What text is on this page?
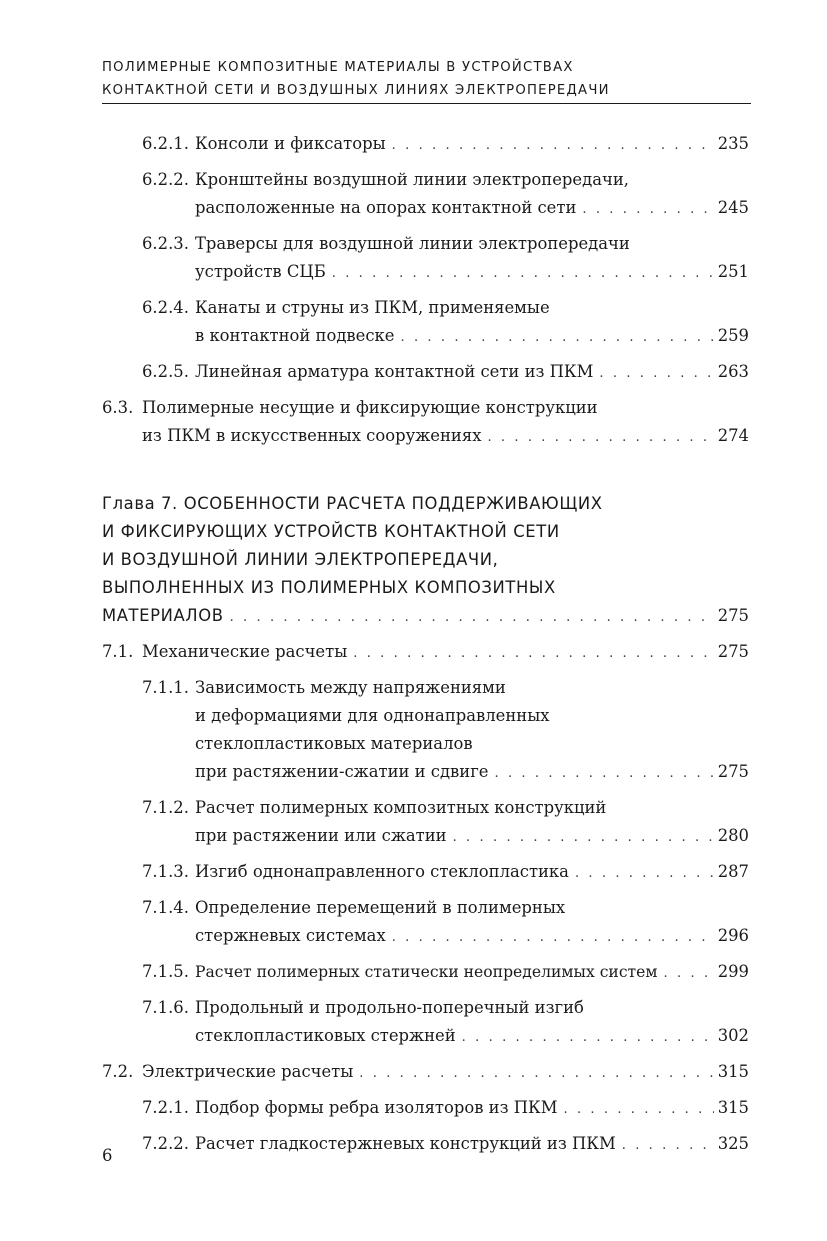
ПОЛИМЕРНЫЕ КОМПОЗИТНЫЕ МАТЕРИАЛЫ В УСТРОЙСТВАХ
КОНТАКТНОЙ СЕТИ И ВОЗДУШНЫХ ЛИНИЯХ ЭЛЕКТРОПЕРЕДАЧИ
6.2.1. Консоли и фиксаторы . . .	235
6.2.2. Кронштейны воздушной линии электропередачи,
расположенные на опорах контактной сети . . .	245
6.2.3. Траверсы для воздушной линии электропередачи
устройств СЦБ . . .	251
6.2.4. Канаты и струны из ПКМ, применяемые
в контактной подвеске . . .	259
6.2.5. Линейная арматура контактной сети из ПКМ . . .	263
6.3. Полимерные несущие и фиксирующие конструкции
из ПКМ в искусственных сооружениях . . .	274
Глава 7. ОСОБЕННОСТИ РАСЧЕТА ПОДДЕРЖИВАЮЩИХ
И ФИКСИРУЮЩИХ УСТРОЙСТВ КОНТАКТНОЙ СЕТИ
И ВОЗДУШНОЙ ЛИНИИ ЭЛЕКТРОПЕРЕДАЧИ,
ВЫПОЛНЕННЫХ ИЗ ПОЛИМЕРНЫХ КОМПОЗИТНЫХ
МАТЕРИАЛОВ . . .	275
7.1. Механические расчеты . . .	275
7.1.1. Зависимость между напряжениями
и деформациями для однонаправленных
стеклопластиковых материалов
при растяжении-сжатии и сдвиге . . .	275
7.1.2. Расчет полимерных композитных конструкций
при растяжении или сжатии . . .	280
7.1.3. Изгиб однонаправленного стеклопластика . . .	287
7.1.4. Определение перемещений в полимерных
стержневых системах . . .	296
7.1.5. Расчет полимерных статически неопределимых систем . . .	299
7.1.6. Продольный и продольно-поперечный изгиб
стеклопластиковых стержней . . .	302
7.2. Электрические расчеты . . .	315
7.2.1. Подбор формы ребра изоляторов из ПКМ . . .	315
7.2.2. Расчет гладкостержневых конструкций из ПКМ . . .	325
6
